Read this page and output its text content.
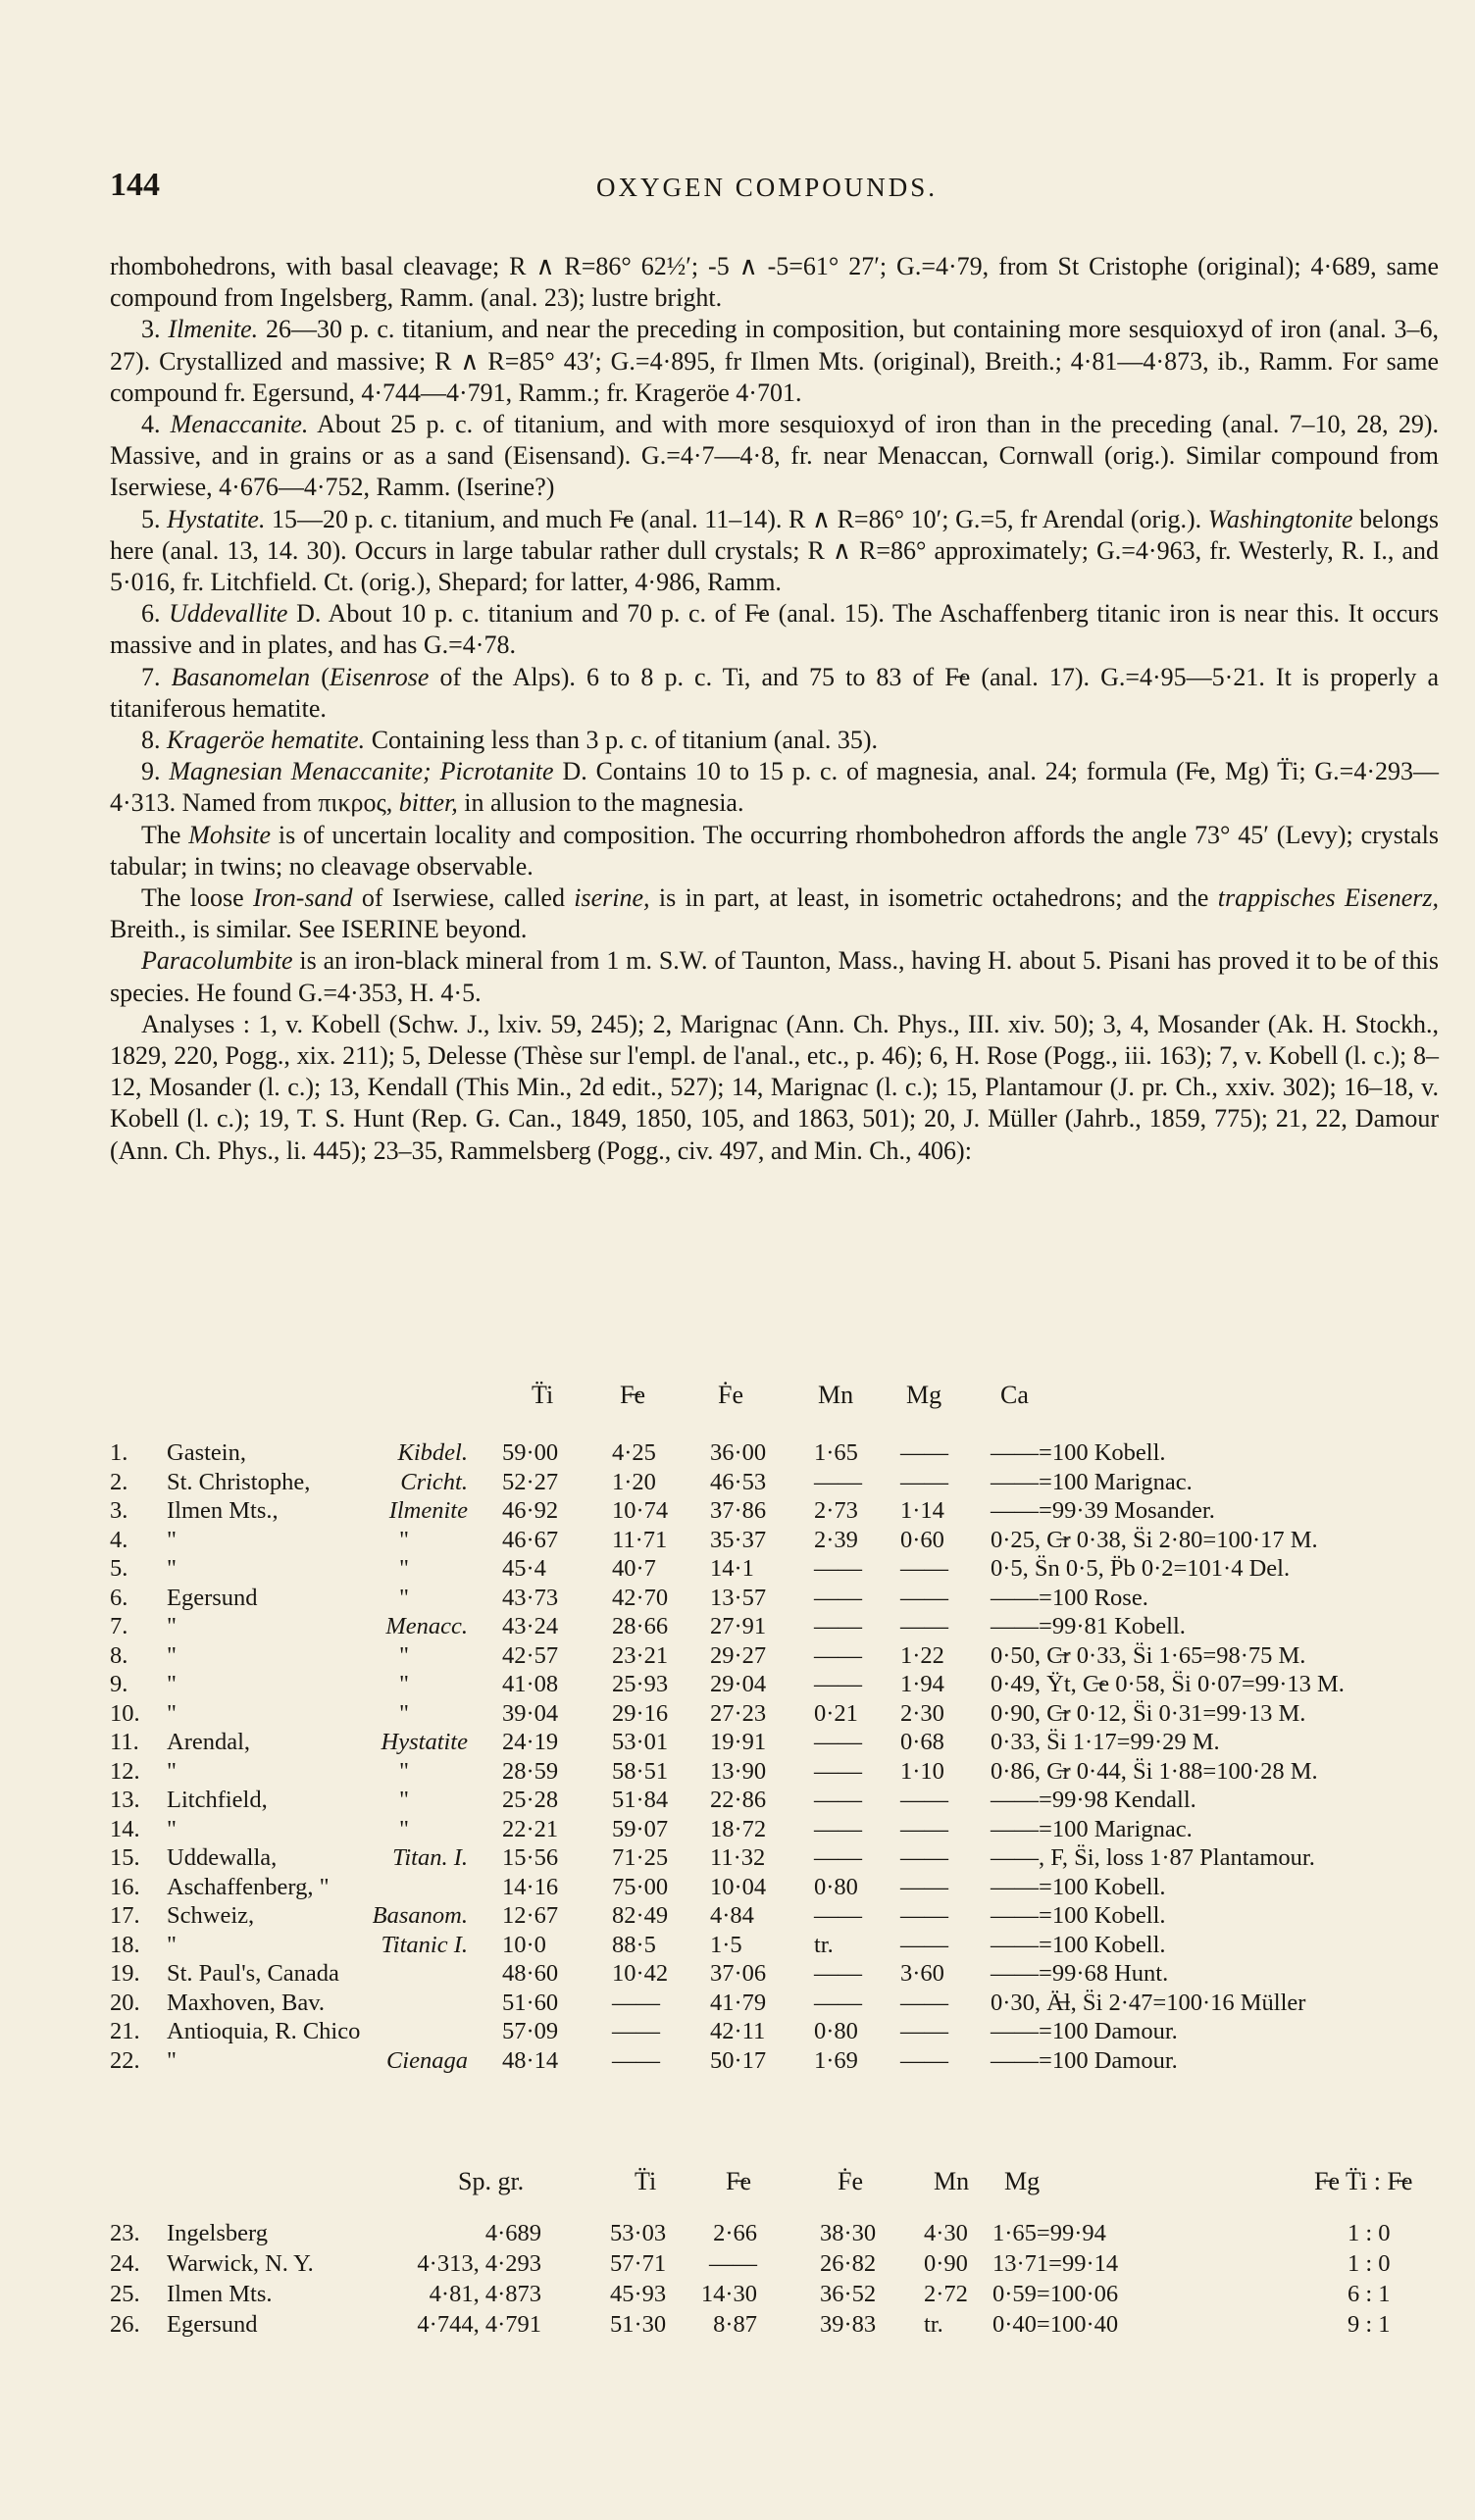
144	OXYGEN COMPOUNDS.

rhombohedrons, with basal cleavage; R ∧ R=86° 62½′; -5 ∧ -5=61° 27′; G.=4·79, from St Cristophe (original); 4·689, same compound from Ingelsberg, Ramm. (anal. 23); lustre bright.

3. Ilmenite. 26—30 p. c. titanium, and near the preceding in composition, but containing more sesquioxyd of iron (anal. 3–6, 27). Crystallized and massive; R ∧ R=85° 43′; G.=4·895, fr Ilmen Mts. (original), Breith.; 4·81—4·873, ib., Ramm. For same compound fr. Egersund, 4·744—4·791, Ramm.; fr. Krageröe 4·701.

4. Menaccanite. About 25 p. c. of titanium, and with more sesquioxyd of iron than in the preceding (anal. 7–10, 28, 29). Massive, and in grains or as a sand (Eisensand). G.=4·7—4·8, fr. near Menaccan, Cornwall (orig.). Similar compound from Iserwiese, 4·676—4·752, Ramm. (Iserine?)

5. Hystatite. 15—20 p. c. titanium, and much F̶e (anal. 11–14). R ∧ R=86° 10′; G.=5, fr Arendal (orig.). Washingtonite belongs here (anal. 13, 14. 30). Occurs in large tabular rather dull crystals; R ∧ R=86° approximately; G.=4·963, fr. Westerly, R. I., and 5·016, fr. Litchfield. Ct. (orig.), Shepard; for latter, 4·986, Ramm.

6. Uddevallite D. About 10 p. c. titanium and 70 p. c. of F̶e (anal. 15). The Aschaffenberg titanic iron is near this. It occurs massive and in plates, and has G.=4·78.

7. Basanomelan (Eisenrose of the Alps). 6 to 8 p. c. Ti, and 75 to 83 of F̶e (anal. 17). G.=4·95—5·21. It is properly a titaniferous hematite.

8. Krageröe hematite. Containing less than 3 p. c. of titanium (anal. 35).

9. Magnesian Menaccanite; Picrotanite D. Contains 10 to 15 p. c. of magnesia, anal. 24; formula (F̶e, Mg) T̈i; G.=4·293—4·313. Named from πικρος, bitter, in allusion to the magnesia.

The Mohsite is of uncertain locality and composition. The occurring rhombohedron affords the angle 73° 45′ (Levy); crystals tabular; in twins; no cleavage observable.

The loose Iron-sand of Iserwiese, called iserine, is in part, at least, in isometric octahedrons; and the trappisches Eisenerz, Breith., is similar. See ISERINE beyond.

Paracolumbite is an iron-black mineral from 1 m. S.W. of Taunton, Mass., having H. about 5. Pisani has proved it to be of this species. He found G.=4·353, H. 4·5.

Analyses : 1, v. Kobell (Schw. J., lxiv. 59, 245); 2, Marignac (Ann. Ch. Phys., III. xiv. 50); 3, 4, Mosander (Ak. H. Stockh., 1829, 220, Pogg., xix. 211); 5, Delesse (Thèse sur l'empl. de l'anal., etc., p. 46); 6, H. Rose (Pogg., iii. 163); 7, v. Kobell (l. c.); 8–12, Mosander (l. c.); 13, Kendall (This Min., 2d edit., 527); 14, Marignac (l. c.); 15, Plantamour (J. pr. Ch., xxiv. 302); 16–18, v. Kobell (l. c.); 19, T. S. Hunt (Rep. G. Can., 1849, 1850, 105, and 1863, 501); 20, J. Müller (Jahrb., 1859, 775); 21, 22, Damour (Ann. Ch. Phys., li. 445); 23–35, Rammelsberg (Pogg., civ. 497, and Min. Ch., 406):

T̈i	F̶e	Ḟe	Mn Mg Ca
1. Gastein,	Kibdel. 59·00 4·25 36·00 1·65 —— ——=100 Kobell.
2. St. Christophe,	Cricht. 52·27 1·20 46·53 —— —— ——=100 Marignac.
3. Ilmen Mts.,	Ilmenite 46·92 10·74 37·86 2·73 1·14 ——=99·39 Mosander.
4. "	"	46·67 11·71 35·37 2·39 0·60 0·25, C̶r 0·38, S̈i 2·80=100·17 M.
5. "	"	45·4	40·7 14·1 —— —— 0·5, S̈n 0·5, P̈b 0·2=101·4 Del.
6. Egersund	"	43·73 42·70 13·57 —— —— ——=100 Rose.
7. "	Menacc. 43·24 28·66 27·91 —— —— ——=99·81 Kobell.
8. "	"	42·57 23·21 29·27 —— 1·22 0·50, C̶r 0·33, S̈i 1·65=98·75 M.
9. "	"	41·08 25·93 29·04 —— 1·94 0·49, Ÿt, C̶e 0·58, S̈i 0·07=99·13 M.
10. "	"	39·04 29·16 27·23 0·21 2·30 0·90, C̶r 0·12, S̈i 0·31=99·13 M.
11. Arendal,	Hystatite 24·19 53·01 19·91 —— 0·68 0·33, S̈i 1·17=99·29 M.
12. "	"	28·59 58·51 13·90 —— 1·10 0·86, C̶r 0·44, S̈i 1·88=100·28 M.
13. Litchfield,	"	25·28 51·84 22·86 —— —— ——=99·98 Kendall.
14. "	"	22·21 59·07 18·72 —— —— ——=100 Marignac.
15. Uddewalla,	Titan. I. 15·56 71·25 11·32 —— —— ——, F, S̈i, loss 1·87 Plantamour.
16. Aschaffenberg, "	14·16 75·00 10·04 0·80 —— ——=100 Kobell.
17. Schweiz,	Basanom. 12·67 82·49 4·84 —— —— ——=100 Kobell.
18. "	Titanic I. 10·0	88·5 1·5	tr.	—— ——=100 Kobell.
19. St. Paul's, Canada	48·60 10·42 37·06 —— 3·60 ——=99·68 Hunt.
20. Maxhoven, Bav.	51·60 —— 41·79 —— —— 0·30, Ä̶l, S̈i 2·47=100·16 Müller
21. Antioquia, R. Chico	57·09 —— 42·11 0·80 —— ——=100 Damour.
22. "	Cienaga 48·14 —— 50·17 1·69 —— ——=100 Damour.
Sp. gr.	T̈i	F̶e	Ḟe	Mn Mg	F̶e T̈i : F̶e
23. Ingelsberg	4·689	53·03 2·66	38·30 4·30 1·65=99·94	1 : 0
24. Warwick, N. Y.	4·313, 4·293	57·71 ——	26·82 0·90 13·71=99·14	1 : 0
25. Ilmen Mts.	4·81, 4·873	45·93 14·30	36·52 2·72 0·59=100·06	6 : 1
26. Egersund	4·744, 4·791	51·30 8·87	39·83 tr. 0·40=100·40	9 : 1
